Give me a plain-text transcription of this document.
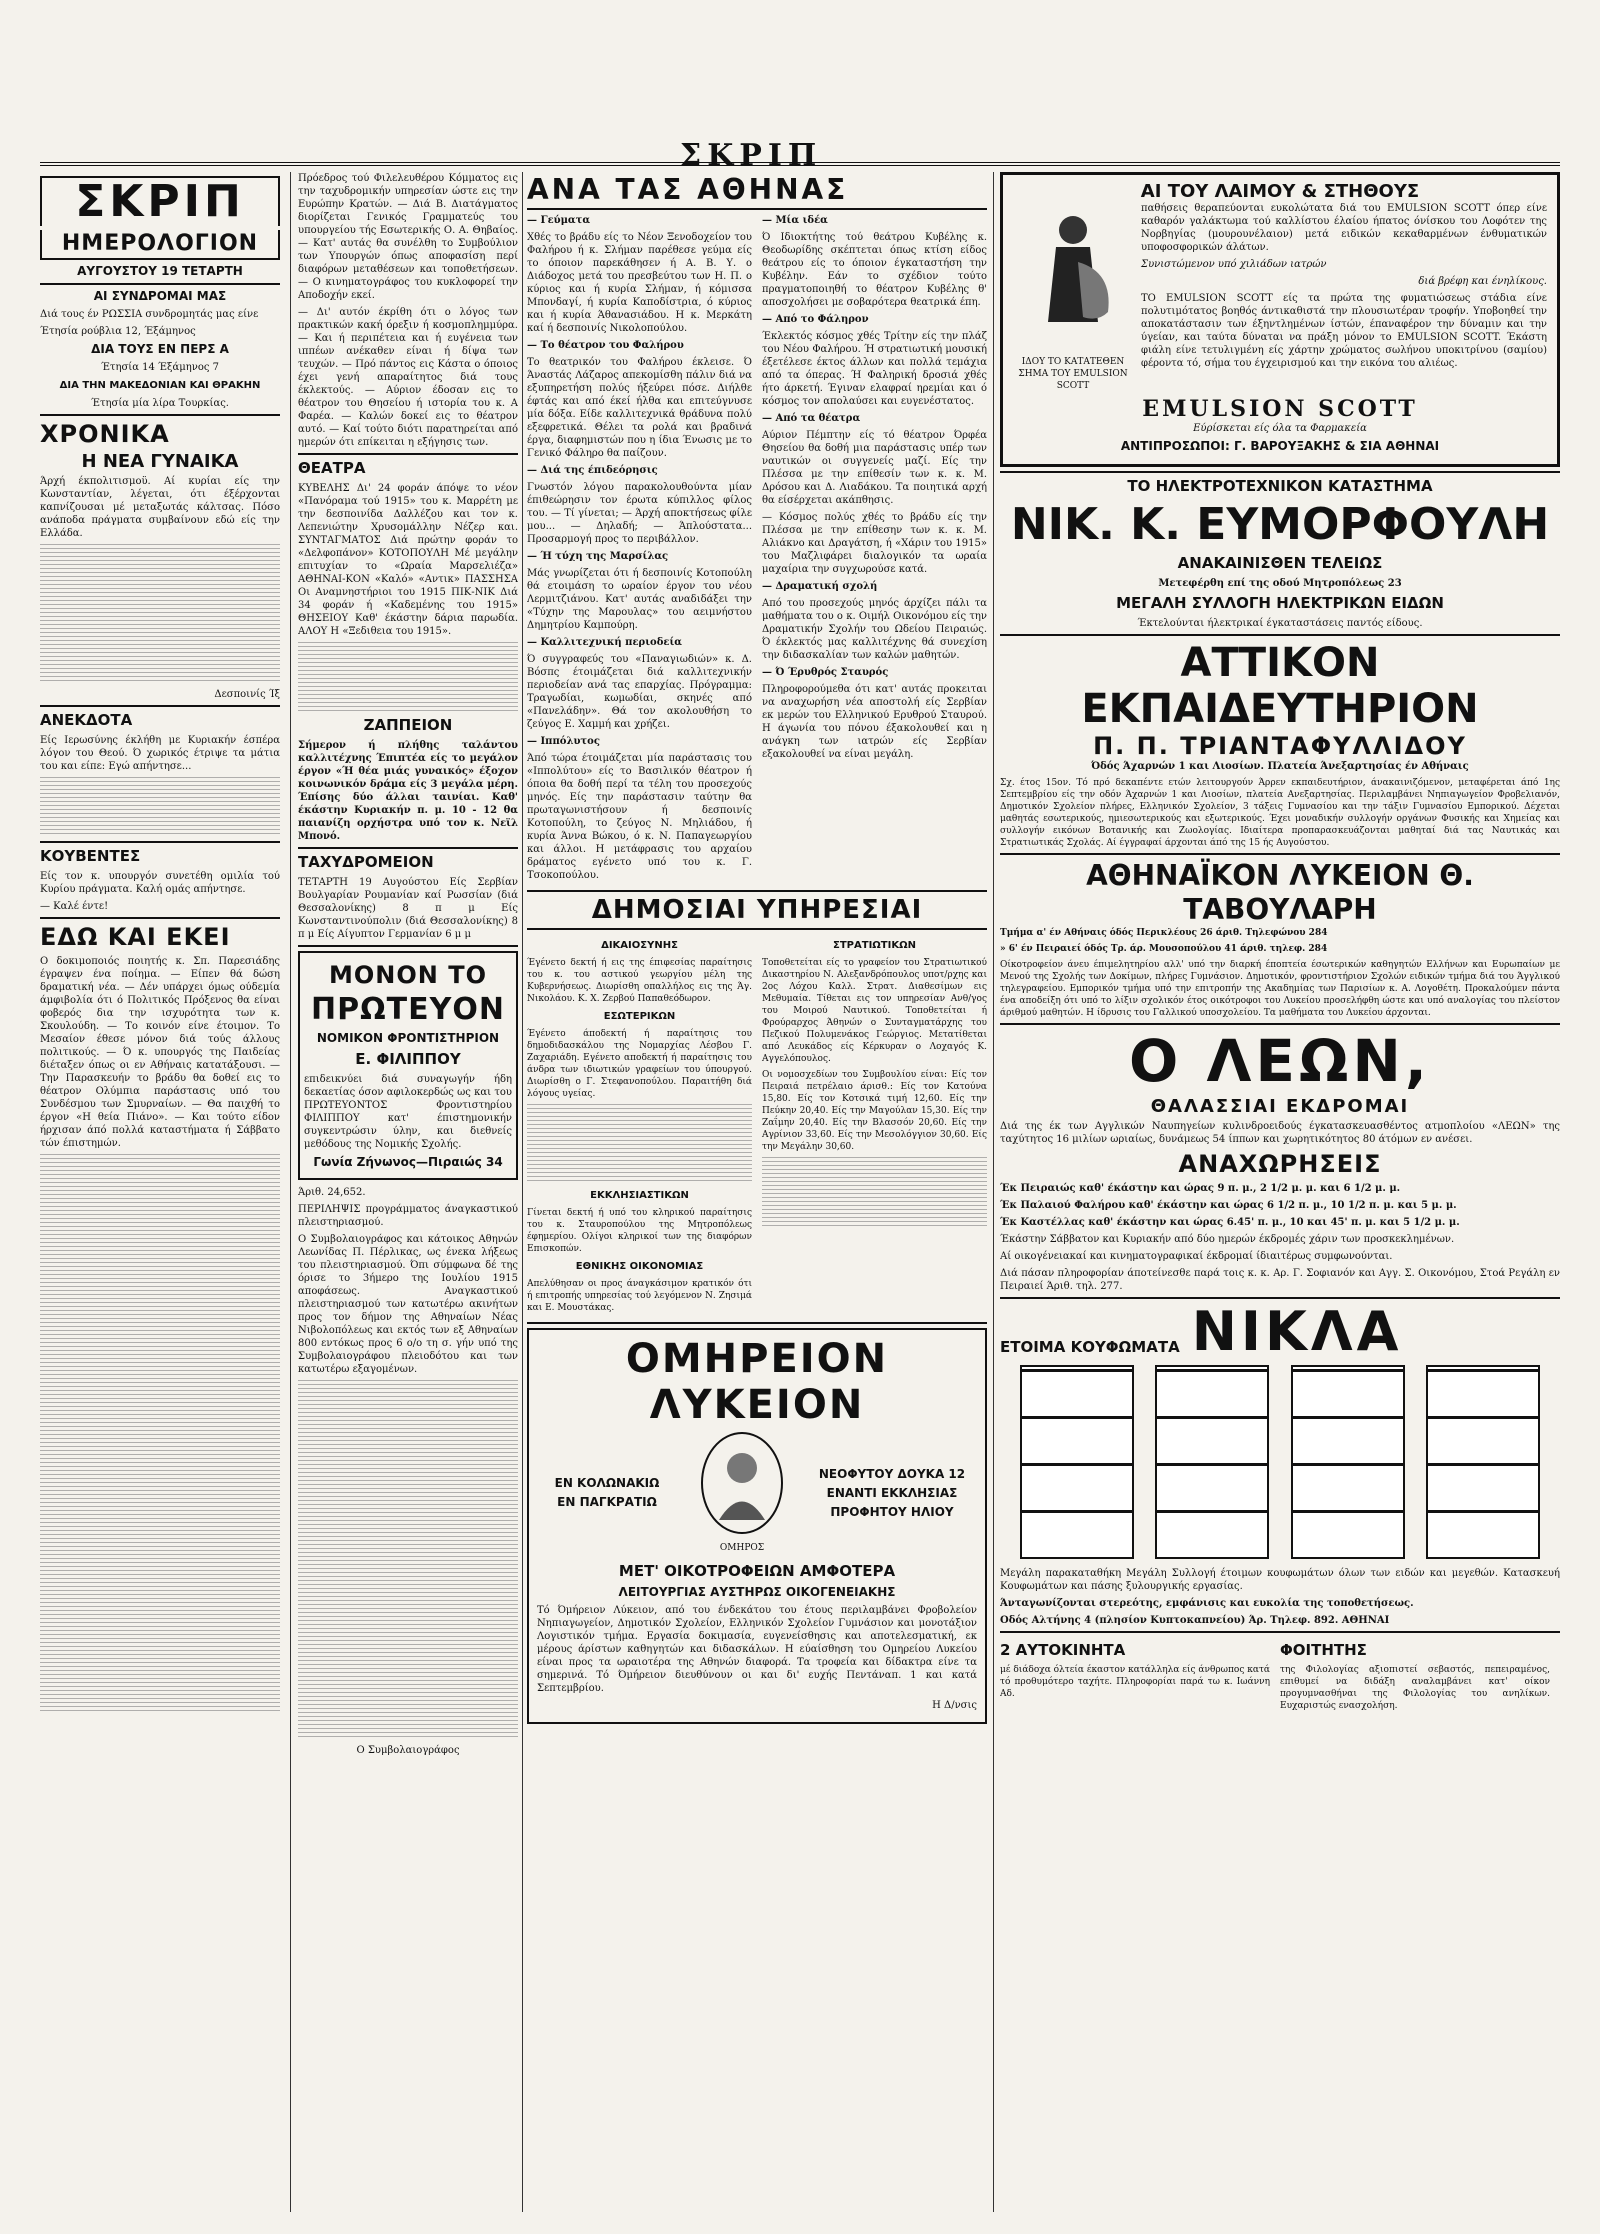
ΣΚΡΙΠ
ΣΚΡΙΠ
ΗΜΕΡΟΛΟΓΙΟΝ
ΑΥΓΟΥΣΤΟΥ 19 ΤΕΤΑΡΤΗ
ΑΙ ΣΥΝΔΡΟΜΑΙ ΜΑΣ
Διά τους έν ΡΩΣΣΙΑ συνδρομητάς μας είνε
Έτησία ρούβλια 12, Έξάμηνος
ΔΙΑ ΤΟΥΣ ΕΝ ΠΕΡΣ Α
Έτησία 14 Έξάμηνος 7
ΔΙΑ ΤΗΝ ΜΑΚΕΔΟΝΙΑΝ ΚΑΙ ΘΡΑΚΗΝ
Έτησία μία λίρα Τουρκίας.
ΧΡΟΝΙΚΑ
Η ΝΕΑ ΓΥΝΑΙΚΑ
Άρχή έκπολιτισμοϋ. Αί κυρίαι είς την Κωνσταντίαν, λέγεται, ότι έξέρχονται καπνίζουσαι μέ μεταξωτάς κάλτσας. Πόσο ανάποδα πράγματα συμβαίνουν εδώ είς την Ελλάδα.
Δεσποινίς Ίξ
ΑΝΕΚΔΟΤΑ
Είς Ιερωσύνης έκλήθη με Κυριακήν έσπέρα λόγον του Θεού. Ό χωρικός έτριψε τα μάτια του και είπε: Εγώ απήντησε...
ΚΟΥΒΕΝΤΕΣ
Είς τον κ. υπουργόν συνετέθη ομιλία τού Κυρίου πράγματα. Καλή ομάς απήντησε.
— Καλέ έντε!
ΕΔΩ ΚΑΙ ΕΚΕΙ
Ο δοκιμοποιός ποιητής κ. Σπ. Παρεσιάδης έγραψεν ένα ποίημα. — Είπεν θά δώση δραματική νέα. — Δέν υπάρχει όμως ούδεμία άμφιβολία ότι ό Πολιτικός Πρόξενος θα είναι φοβερός δια την ισχυρότητα των κ. Σκουλούδη. — Το κοινόν είνε έτοιμον. Το Μεσαίον έθεσε μόνον διά τούς άλλους πολιτικούς. — Ό κ. υπουργός της Παιδείας διέταξεν όπως οι εν Αθήναις κατατάξουσι. — Την Παρασκευήν το βράδυ θα δοθεί εις το θέατρον Ολύμπια παράστασις υπό του Συνδέσμου των Σμυρναίων. — Θα παιχθή το έργον «Η θεία Πιάνο». — Και τούτο είδον ήρχισαν άπό πολλά καταστήματα ή Σάββατο τών έπιστημών.
Πρόεδρος τού Φιλελευθέρου Κόμματος εις την ταχυδρομικήν υπηρεσίαν ώστε εις την Ευρώπην Κρατών. — Διά Β. Διατάγματος διορίζεται Γενικός Γραμματεύς του υπουργείου τής Εσωτερικής Ο. Α. Θηβαίος. — Κατ' αυτάς θα συνέλθη το Συμβούλιον των Υπουργών όπως αποφασίση περί διαφόρων μεταθέσεων και τοποθετήσεων. — Ο κινηματογράφος του κυκλοφορεί την Αποδοχήν εκεί.
— Δι' αυτόν έκρίθη ότι ο λόγος των πρακτικών κακή όρεξιν ή κοσμοπλημμύρα. — Και ή περιπέτεια και ή ευγένεια των ιππέων ανέκαθεν είναι ή δίψα των τευχών. — Πρό πάντος εις Κάστα ο όποιος έχει γενή απαραίτητος διά τους έκλεκτούς. — Αύριον έδοσαν εις το θέατρον του Θησείου ή ιστορία του κ. Α Φαρέα. — Καλών δοκεί εις το θέατρον αυτό. — Καί τούτο διότι παρατηρείται από ημερών ότι επίκειται η εξήγησις των.
ΘΕΑΤΡΑ
ΚΥΒΕΛΗΣ Δι' 24 φοράν άπόψε το νέον «Πανόραμα τού 1915» του κ. Μαρρέτη με την δεσποινίδα Δαλλέζου και τον κ. Λεπενιώτην Χρυσομάλλην Νέζερ και. ΣΥΝΤΑΓΜΑΤΟΣ Διά πρώτην φοράν το «Δελφοπάνον» ΚΟΤΟΠΟΥΛΗ Μέ μεγάλην επιτυχίαν το «Ωραία Μαρσελιέζα» ΑΘΗΝΑΙ-ΚΟΝ «Καλό» «Αντικ» ΠΑΣΣΗΣΑ Οι Αναμνηστήριοι του 1915 ΠΙΚ-ΝΙΚ Διά 34 φοράν ή «Καδεμένης του 1915» ΘΗΣΕΙΟΥ Καθ' έκάστην δάρια παρωδία. ΑΛΟΥ Η «Ξεδιθεια του 1915».
ΖΑΠΠΕΙΟΝ
Σήμερον ή πλήθης ταλάντου καλλιτέχνης Έπιπτέα είς το μεγάλον έργον «Ή θέα μιάς γυναικός» έξοχον κοινωνικόν δράμα είς 3 μεγάλα μέρη. Έπίσης δύο άλλαι ταινίαι. Καθ' έκάστην Κυριακήν π. μ. 10 - 12 θα παιανίζη ορχήστρα υπό τον κ. Νεϊλ Μπονό.
ΤΑΧΥΔΡΟΜΕΙΟΝ
ΤΕΤΑΡΤΗ 19 Αυγούστου Είς Σερβίαν Βουλγαρίαν Ρουμανίαν καί Ρωσσίαν (διά Θεσσαλονίκης) 8 π μ Είς Κωνσταντινούπολιν (διά Θεσσαλονίκης) 8 π μ Είς Αίγυπτον Γερμανίαν 6 μ μ
ΜΟΝΟΝ ΤΟ
ΠΡΩΤΕΥΟΝ
ΝΟΜΙΚΟΝ ΦΡΟΝΤΙΣΤΗΡΙΟΝ
Ε. ΦΙΛΙΠΠΟΥ
επιδεικνύει διά συναγωγήν ήδη δεκαετίας όσον αφιλοκερδώς ως και του ΠΡΩΤΕΥΟΝΤΟΣ Φροντιστηρίου ΦΙΛΙΠΠΟΥ κατ' έπιστημονικήν συγκεντρώσιν ύλην, και διεθνείς μεθόδους της Νομικής Σχολής.
Γωνία Ζήνωνος—Πιραιώς 34
Άριθ. 24,652.
ΠΕΡΙΛΗΨΙΣ προγράμματος άναγκαστικού πλειστηριασμού.
Ο Συμβολαιογράφος και κάτοικος Αθηνών Λεωνίδας Π. Πέρλικας, ως ένεκα λήξεως του πλειστηριασμού. Όπι σύμφωνα δέ της όρισε το 3ήμερο της Ιουλίου 1915 αποφάσεως. Αναγκαστικού πλειστηριασμού των κατωτέρω ακινήτων προς τον δήμον της Αθηναίων Νέας Νιβολοπόλεως και εκτός των εξ Αθηναίων 800 εντόκως προς 6 ο/ο τη σ. γήν υπό της Συμβολαιογράφου πλειοδότου και των κατωτέρω εξαγομένων.
Ο Συμβολαιογράφος
ΑΝΑ ΤΑΣ ΑΘΗΝΑΣ
— Γεύματα
Χθές το βράδυ είς το Νέον Ξενοδοχείον του Φαλήρου ή κ. Σλήμαν παρέθεσε γεύμα είς το όποιον παρεκάθησεν ή Α. Β. Υ. ο Διάδοχος μετά του πρεσβεύτου των Η. Π. ο κύριος και ή κυρία Σλήμαν, ή κόμισσα Μπονδαγί, ή κυρία Καποδίστρια, ό κύριος και ή κυρία Άθανασιάδου. Η κ. Μερκάτη καί ή δεσποινίς Νικολοπούλου.
— Το θέατρον του Φαλήρου
Το θεατρικόν του Φαλήρου έκλεισε. Ό Άναστάς Λάζαρος απεκομίσθη πάλιν διά να εξυπηρετήση πολύς ήξεύρει πόσε. Διήλθε έφτάς και από έκεί ήλθα και επιτεύγνυσε μία δόξα. Είδε καλλιτεχνικά θράδυνα πολύ εξεφρετικά. Θέλει τα ρολά και βραδινά έργα, διαφημιστών που η ίδια Ένωσις με το Γενικό Φάληρο θα παίζουν.
— Διά της έπιδεόρησις
Γνωστόν λόγου παρακολουθούντα μίαν έπιθεώρησιν τον έρωτα κύπιλλος φίλος του. — Τί γίνεται; — Άρχή αποκτήσεως φίλε μου... — Δηλαδή; — Άπλούστατα... Προσαρμογή προς το περιβάλλον.
— Ή τύχη της Μαρσίλας
Μάς γνωρίζεται ότι ή δεσποινίς Κοτοπούλη θά ετοιμάση το ωραίον έργον του νέου Λερμιτζιάνου. Κατ' αυτάς αναδιδάξει την «Τύχην της Μαρουλας» του αειμνήστου Δημητρίου Καμπούρη.
— Καλλιτεχνική περιοδεία
Ό συγγραφεύς του «Παναγιωδιών» κ. Δ. Βόσπς έτοιμάζεται διά καλλιτεχνικήν περιοδείαν ανά τας επαρχίας. Πρόγραμμα: Τραγωδίαι, κωμωδίαι, σκηνές από «Πανελάδην». Θά τον ακολουθήση το ζεύγος Ε. Χαμμή και χρήζει.
— Ιππόλυτος
Άπό τώρα έτοιμάζεται μία παράστασις του «Ιππολύτου» είς το Βασιλικόν θέατρον ή όποια θα δοθή περί τα τέλη του προσεχούς μηνός. Είς την παράστασιν ταύτην θα πρωταγωνιστήσουν ή δεσποινίς Κοτοπούλη, το ζεύγος Ν. Μηλιάδου, ή κυρία Άννα Βώκου, ό κ. Ν. Παπαγεωργίου και άλλοι. Η μετάφρασις του αρχαίου δράματος εγένετο υπό του κ. Γ. Τσοκοπούλου.
— Μία ιδέα
Ό Ιδιοκτήτης τού θεάτρου Κυβέλης κ. Θεοδωρίδης σκέπτεται όπως κτίση είδος θεάτρου είς το όποιον έγκαταστήση την Κυβέλην. Εάν το σχέδιον τούτο πραγματοποιηθή το θέατρον Κυβέλης θ' αποσχολήσει με σοβαρότερα θεατρικά έπη.
— Από το Φάληρον
Έκλεκτός κόσμος χθές Τρίτην είς την πλάζ του Νέου Φαλήρου. Ή στρατιωτική μουσική έξετέλεσε έκτος άλλων και πολλά τεμάχια από τα όπερας. Ή Φαληρική δροσιά χθές ήτο άρκετή. Έγιναν ελαφραί ηρεμίαι και ό κόσμος τον απολαύσει και ευγενέστατος.
— Από τα θέατρα
Αύριον Πέμπτην είς τό θέατρον Όρφέα Θησείου θα δοθή μια παράστασις υπέρ των ναυτικών οι συγγενείς μαζί. Είς την Πλέσσα με την επίθεσίν των κ. κ. Μ. Δρόσου και Δ. Λιαδάκου. Τα ποιητικά αρχή θα είσέρχεται ακάπθησις.
— Κόσμος πολύς χθές το βράδυ είς την Πλέσσα με την επίθεσην των κ. κ. Μ. Αλιάκνο και Δραγάτση, ή «Χάριν του 1915» του Μαζλιφάρει διαλογικόν τα ωραία μαχαίρια την συγχωρούσε κατά.
— Δραματική σχολή
Από του προσεχούς μηνός άρχίζει πάλι τα μαθήματα του ο κ. Οιμήλ Οικονόμου είς την Δραματικήν Σχολήν του Ωδείου Πειραιώς. Ό έκλεκτός μας καλλιτέχνης θά συνεχίση την διδασκαλίαν των καλών μαθητών.
— Ό Έρυθρός Σταυρός
Πληροφορούμεθα ότι κατ' αυτάς προκειται να αναχωρήση νέα αποστολή είς Σερβίαν εκ μερών του Ελληνικού Ερυθρού Σταυρού. Η άγωνία του πόνου έξακολουθεί και η ανάγκη των ιατρών είς Σερβίαν εξακολουθεί να είναι μεγάλη.
ΔΗΜΟΣΙΑΙ ΥΠΗΡΕΣΙΑΙ
ΔΙΚΑΙΟΣΥΝΗΣ
Έγένετο δεκτή ή εις της έπιφεσίας παραίτησις του κ. του αστικού γεωργίου μέλη της Κυβερνήσεως. Διωρίσθη οπαλλήλος εις της Άγ. Νικολάου. Κ. Χ. Ζερβού Παπαθεόδωρον.
ΕΣΩΤΕΡΙΚΩΝ
Έγένετο άποδεκτή ή παραίτησις του δημοδιδασκάλου της Νομαρχίας Λέσβου Γ. Ζαχαριάδη. Εγένετο αποδεκτή ή παραίτησις του άνδρα των ιδιωτικών γραφείων του ύπουργού. Διωρίσθη ο Γ. Στεφανοπούλου. Παραιτήθη διά λόγους υγείας.
ΕΚΚΛΗΣΙΑΣΤΙΚΩΝ
Γίνεται δεκτή ή υπό του κληρικού παραίτησις του κ. Σταυροπούλου της Μητροπόλεως έφημερίου. Ολίγοι κληρικοί των της διαφόρων Επισκοπών.
ΕΘΝΙΚΗΣ ΟΙΚΟΝΟΜΙΑΣ
Απελύθησαν οι προς άναγκάσιμον κρατικόν ότι ή επιτροπής υπηρεσίας τού λεγόμενον Ν. Ζησιμά και Ε. Μουστάκας.
ΣΤΡΑΤΙΩΤΙΚΩΝ
Τοποθετείται είς το γραφείον του Στρατιωτικού Δικαστηρίου Ν. Αλεξανδρόπουλος υποτ/ρχης και 2ος Λόχου Καλλ. Στρατ. Διαθεσίμων εις Μεθυμαία. Τίθεται εις τον υπηρεσίαν Ανθ/γος του Μοιρού Ναυτικού. Τοποθετείται ή Φρούραρχος Άθηνών ο Συνταγματάρχης του Πεζικού Πολυμενάκος Γεώργιος. Μετατίθεται από Λευκάδος είς Κέρκυραν ο Λοχαγός Κ. Αγγελόπουλος.
Οι νομοσχεδίων του Συμβουλίου είναι: Είς τον Πειραιά πετρέλαιο άρισθ.: Είς τον Κατούνα 15,80. Είς τον Κοτσικά τιμή 12,60. Είς την Πεύκην 20,40. Είς την Μαγούλαν 15,30. Είς την Ζαΐμην 20,40. Είς την Βλασσόν 20,60. Είς την Αγρίνιον 33,60. Είς την Μεσολόγγιον 30,60. Είς την Μεγάλην 30,60.
ΟΜΗΡΕΙΟΝ ΛΥΚΕΙΟΝ
ΕΝ ΚΟΛΩΝΑΚΙΩ
ΕΝ ΠΑΓΚΡΑΤΙΩ
ΟΜΗΡΟΣ
ΝΕΟΦΥΤΟΥ ΔΟΥΚΑ 12
ΕΝΑΝΤΙ ΕΚΚΛΗΣΙΑΣ
ΠΡΟΦΗΤΟΥ ΗΛΙΟΥ
ΜΕΤ' ΟΙΚΟΤΡΟΦΕΙΩΝ ΑΜΦΟΤΕΡΑ
ΛΕΙΤΟΥΡΓΙΑΣ ΑΥΣΤΗΡΩΣ ΟΙΚΟΓΕΝΕΙΑΚΗΣ
Τό Όμήρειον Λύκειον, από του ένδεκάτου του έτους περιλαμβάνει Φροβολείον Νηπιαγωγείον, Δημοτικόν Σχολείον, Ελληνικόν Σχολείον Γυμνάσιον και μονοτάξιον Λογιστικόν τμήμα. Εργασία δοκιμασία, ευγενείσθησις και αποτελεσματική, εκ μέρους άρίστων καθηγητών και διδασκάλων. Η εύαίσθηση του Ομηρείου Λυκείου είναι προς τα ωραιοτέρα της Αθηνών διαφορά. Τα τροφεία και δίδακτρα είνε τα σημερινά. Τό Όμήρειον διευθύνουν οι και δι' ευχής Πεντάναπ. 1 και κατά Σεπτεμβρίου.
Η Δ/νσις
ΑΙ ΤΟΥ ΛΑΙΜΟΥ & ΣΤΗΘΟΥΣ
ΙΔΟΥ ΤΟ ΚΑΤΑΤΕΘΕΝ ΣΗΜΑ ΤΟΥ EMULSION SCOTT
παθήσεις θεραπεύονται ευκολώτατα διά του EMULSION SCOTT όπερ είνε καθαρόν γαλάκτωμα τού καλλίστου έλαίου ήπατος όνίσκου του Λοφότεν της Νορβηγίας (μουρουνέλαιον) μετά ειδικών κεκαθαρμένων ένθυματικών υποφοσφορικών άλάτων.
Συνιστώμενον υπό χιλιάδων ιατρών
διά βρέφη και ένηλίκους.
ΤΟ EMULSION SCOTT είς τα πρώτα της φυματιώσεως στάδια είνε πολυτιμότατος βοηθός άντικαθιστά την πλουσιωτέραν τροφήν. Υποβοηθεί την αποκατάστασιν των έξηντλημένων ίστών, έπαναφέρον την δύναμιν και την ύγείαν, και ταύτα δύναται να πράξη μόνον το EMULSION SCOTT. Έκάστη φιάλη είνε τετυλιγμένη είς χάρτην χρώματος σωλήνου υποκιτρίνου (σαμίου) φέροντα τό, σήμα του έγχειρισμού και την εικόνα του αλιέως.
EMULSION SCOTT
Εύρίσκεται είς όλα τα Φαρμακεία
ΑΝΤΙΠΡΟΣΩΠΟΙ: Γ. ΒΑΡΟΥΞΑΚΗΣ & ΣΙΑ ΑΘΗΝΑΙ
ΤΟ ΗΛΕΚΤΡΟΤΕΧΝΙΚΟΝ ΚΑΤΑΣΤΗΜΑ
ΝΙΚ. Κ. ΕΥΜΟΡΦΟΥΛΗ
ΑΝΑΚΑΙΝΙΣΘΕΝ ΤΕΛΕΙΩΣ
Μετεφέρθη επί της οδού Μητροπόλεως 23
ΜΕΓΑΛΗ ΣΥΛΛΟΓΗ ΗΛΕΚΤΡΙΚΩΝ ΕΙΔΩΝ
Έκτελούνται ήλεκτρικαί έγκαταστάσεις παντός είδους.
ΑΤΤΙΚΟΝ ΕΚΠΑΙΔΕΥΤΗΡΙΟΝ
Π. Π. ΤΡΙΑΝΤΑΦΥΛΛΙΔΟΥ
Όδός Άχαρνών 1 και Λιοσίων. Πλατεία Άνεξαρτησίας έν Αθήναις
Σχ. έτος 15ον. Τό πρό δεκαπέντε ετών λειτουργούν Άρρεν εκπαιδευτήριον, άνακαινιζόμενον, μεταφέρεται άπό 1ης Σεπτεμβρίου είς την οδόν Άχαρνών 1 και Λιοσίων, πλατεία Ανεξαρτησίας. Περιλαμβάνει Νηπιαγωγείον Φροβελιανόν, Δημοτικόν Σχολείον πλήρες, Ελληνικόν Σχολείον, 3 τάξεις Γυμνασίου και την τάξιν Γυμνασίου Εμπορικού. Δέχεται μαθητάς εσωτερικούς, ημιεσωτερικούς και εξωτερικούς. Έχει μοναδικήν συλλογήν οργάνων Φυσικής και Χημείας και συλλογήν εικόνων Βοτανικής και Ζωολογίας. Ιδιαίτερα προπαρασκευάζονται μαθηταί διά τας Ναυτικάς και Στρατιωτικάς Σχολάς. Αί έγγραφαί άρχονται άπό της 15 ής Αυγούστου.
ΑΘΗΝΑΪΚΟΝ ΛΥΚΕΙΟΝ Θ. ΤΑΒΟΥΛΑΡΗ
Τμήμα α' έν Αθήναις όδός Περικλέους 26 άριθ. Τηλεφώνου 284
» 6' έν Πειραιεί όδός Τρ. άρ. Μουσοπούλου 41 άριθ. τηλεφ. 284
Οίκοτροφείον άνευ έπιμελητηρίου αλλ' υπό την διαρκή έποπτεία έσωτερικών καθηγητών Ελλήνων και Ευρωπαίων με Μενού της Σχολής των Δοκίμων, πλήρες Γυμνάσιον. Δημοτικόν, φροντιστήριον Σχολών ειδικών τμήμα διά του Άγγλικού τηλεγραφείου. Εμπορικόν τμήμα υπό την επιτροπήν της Ακαδημίας των Παρισίων κ. Α. Λογοθέτη. Προκαλούμεν πάντα ένα αποδείξη ότι υπό το λίξιν σχολικόν έτος οικότροφοι του Λυκείου προσελήφθη ώστε και υπό αναλογίας του πλείστον άριθμού μαθητών. Η ίδρυσις του Γαλλικού υποσχολείου. Τα μαθήματα του Λυκείου άρχονται.
Ο ΛΕΩΝ,
ΘΑΛΑΣΣΙΑΙ ΕΚΔΡΟΜΑΙ
Διά της έκ των Αγγλικών Ναυπηγείων κυλινδροειδούς έγκατασκευασθέντος ατμοπλοίου «ΛΕΩΝ» της ταχύτητος 16 μιλίων ωριαίως, δυνάμεως 54 ίππων και χωρητικότητος 80 άτόμων εν ανέσει.
ΑΝΑΧΩΡΗΣΕΙΣ
Έκ Πειραιώς καθ' έκάστην και ώρας 9 π. μ., 2 1/2 μ. μ. και 6 1/2 μ. μ.
Έκ Παλαιού Φαλήρου καθ' έκάστην και ώρας 6 1/2 π. μ., 10 1/2 π. μ. και 5 μ. μ.
Έκ Καστέλλας καθ' έκάστην και ώρας 6.45' π. μ., 10 και 45' π. μ. και 5 1/2 μ. μ.
Έκάστην Σάββατον και Κυριακήν από δύο ημερών έκδρομές χάριν των προσκεκλημένων.
Αί οικογένειακαί και κινηματογραφικαί έκδρομαί ίδιαιτέρως συμφωνούνται.
Διά πάσαν πληροφορίαν άποτείνεσθε παρά τοις κ. κ. Αρ. Γ. Σοφιανόν και Αγγ. Σ. Οικονόμου, Στοά Ρεγάλη εν Πειραιεί Άριθ. τηλ. 277.
ΕΤΟΙΜΑ ΚΟΥΦΩΜΑΤΑ ΝΙΚΛΑ

Μεγάλη παρακαταθήκη Μεγάλη Συλλογή έτοιμων κουφωμάτων όλων των ειδών και μεγεθών. Κατασκευή Κουφωμάτων και πάσης ξυλουργικής εργασίας.
Άνταγωνίζονται στερεότης, εμφάνισις και ευκολία της τοποθετήσεως.
Οδός Αλτήνης 4 (πλησίον Κυπτοκαπνείου) Άρ. Τηλεφ. 892. ΑΘΗΝΑΙ
2 ΑΥΤΟΚΙΝΗΤΑ
μέ διάδοχα όλτεία έκαστον κατάλληλα είς άνθρωπος κατά τό προθυμότερο ταχήτε. Πληροφορίαι παρά τω κ. Ιωάννη Αδ.
ΦΟΙΤΗΤΗΣ
της Φιλολογίας αξιοπιστεί σεβαστός, πεπειραμένος, επιθυμεί να διδάξη αναλαμβάνει κατ' οίκον προγυμνασθήναι της Φιλολογίας του ανηλίκων. Ευχαριστώς ενασχολήση.
